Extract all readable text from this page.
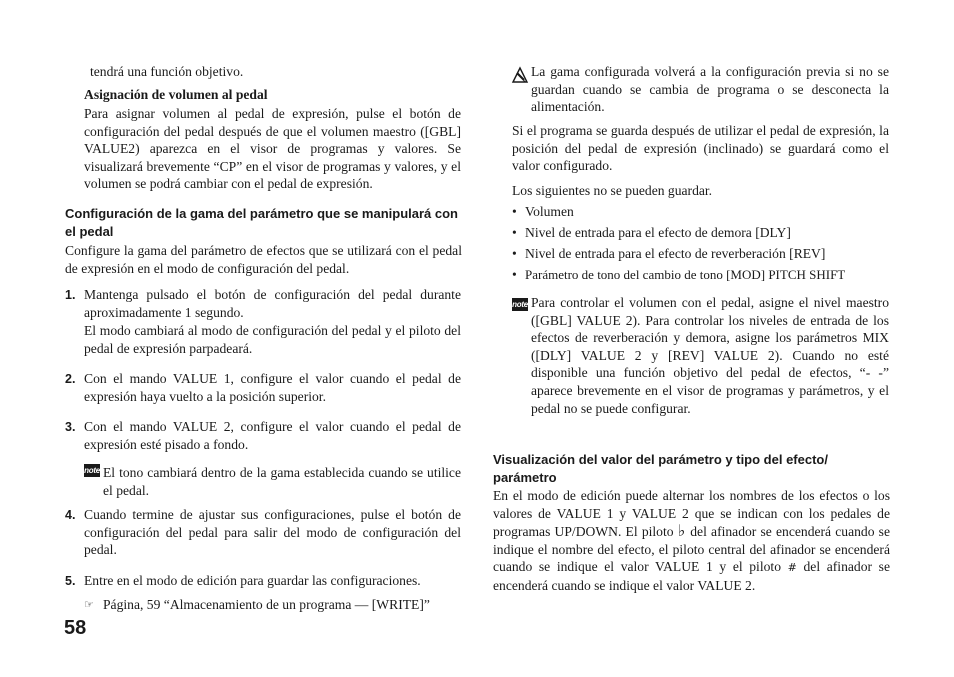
tendrá una función objetivo.
Asignación de volumen al pedal
Para asignar volumen al pedal de expresión, pulse el botón de configuración del pedal después de que el volumen maestro ([GBL] VALUE2) aparezca en el visor de programas y valores. Se visualizará brevemente “CP” en el visor de programas y valores, y el volumen se podrá cambiar con el pedal de expresión.
Configuración de la gama del parámetro que se manipulará con el pedal
Configure la gama del parámetro de efectos que se utilizará con el pedal de expresión en el modo de configuración del pedal.
1. Mantenga pulsado el botón de configuración del pedal durante aproximadamente 1 segundo.
El modo cambiará al modo de configuración del pedal y el piloto del pedal de expresión parpadeará.
2. Con el mando VALUE 1, configure el valor cuando el pedal de expresión haya vuelto a la posición superior.
3. Con el mando VALUE 2, configure el valor cuando el pedal de expresión esté pisado a fondo.
note El tono cambiará dentro de la gama establecida cuando se utilice el pedal.
4. Cuando termine de ajustar sus configuraciones, pulse el botón de configuración del pedal para salir del modo de configuración del pedal.
5. Entre en el modo de edición para guardar las configuraciones.
☞ Página, 59 “Almacenamiento de un programa — [WRITE]”
58
La gama configurada volverá a la configuración previa si no se guardan cuando se cambia de programa o se desconecta la alimentación.
Si el programa se guarda después de utilizar el pedal de expresión, la posición del pedal de expresión (inclinado) se guardará como el valor configurado.
Los siguientes no se pueden guardar.
• Volumen
• Nivel de entrada para el efecto de demora [DLY]
• Nivel de entrada para el efecto de reverberación [REV]
• Parámetro de tono del cambio de tono [MOD] PITCH SHIFT
note Para controlar el volumen con el pedal, asigne el nivel maestro ([GBL] VALUE 2). Para controlar los niveles de entrada de los efectos de reverberación y demora, asigne los parámetros MIX ([DLY] VALUE 2 y [REV] VALUE 2). Cuando no esté disponible una función objetivo del pedal de efectos, “- -” aparece brevemente en el visor de programas y parámetros, y el pedal no se puede configurar.
Visualización del valor del parámetro y tipo del efecto/ parámetro
En el modo de edición puede alternar los nombres de los efectos o los valores de VALUE 1 y VALUE 2 que se indican con los pedales de programas UP/DOWN. El piloto ♭ del afinador se encenderá cuando se indique el nombre del efecto, el piloto central del afinador se encenderá cuando se indique el valor VALUE 1 y el piloto # del afinador se encenderá cuando se indique el valor VALUE 2.
